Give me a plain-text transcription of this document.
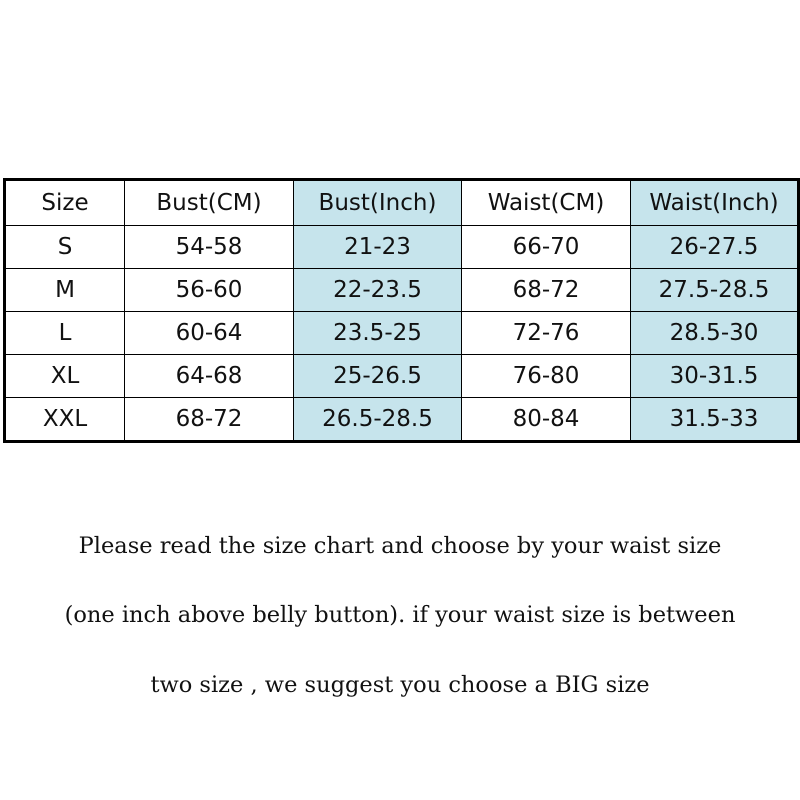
Size	Bust(CM)	Bust(Inch)	Waist(CM)	Waist(Inch)
S	54-58	21-23	66-70	26-27.5
M	56-60	22-23.5	68-72	27.5-28.5
L	60-64	23.5-25	72-76	28.5-30
XL	64-68	25-26.5	76-80	30-31.5
XXL	68-72	26.5-28.5	80-84	31.5-33
Please read the size chart and choose by your waist size
(one inch above belly button). if your waist size is between
two size , we suggest you choose a BIG size
